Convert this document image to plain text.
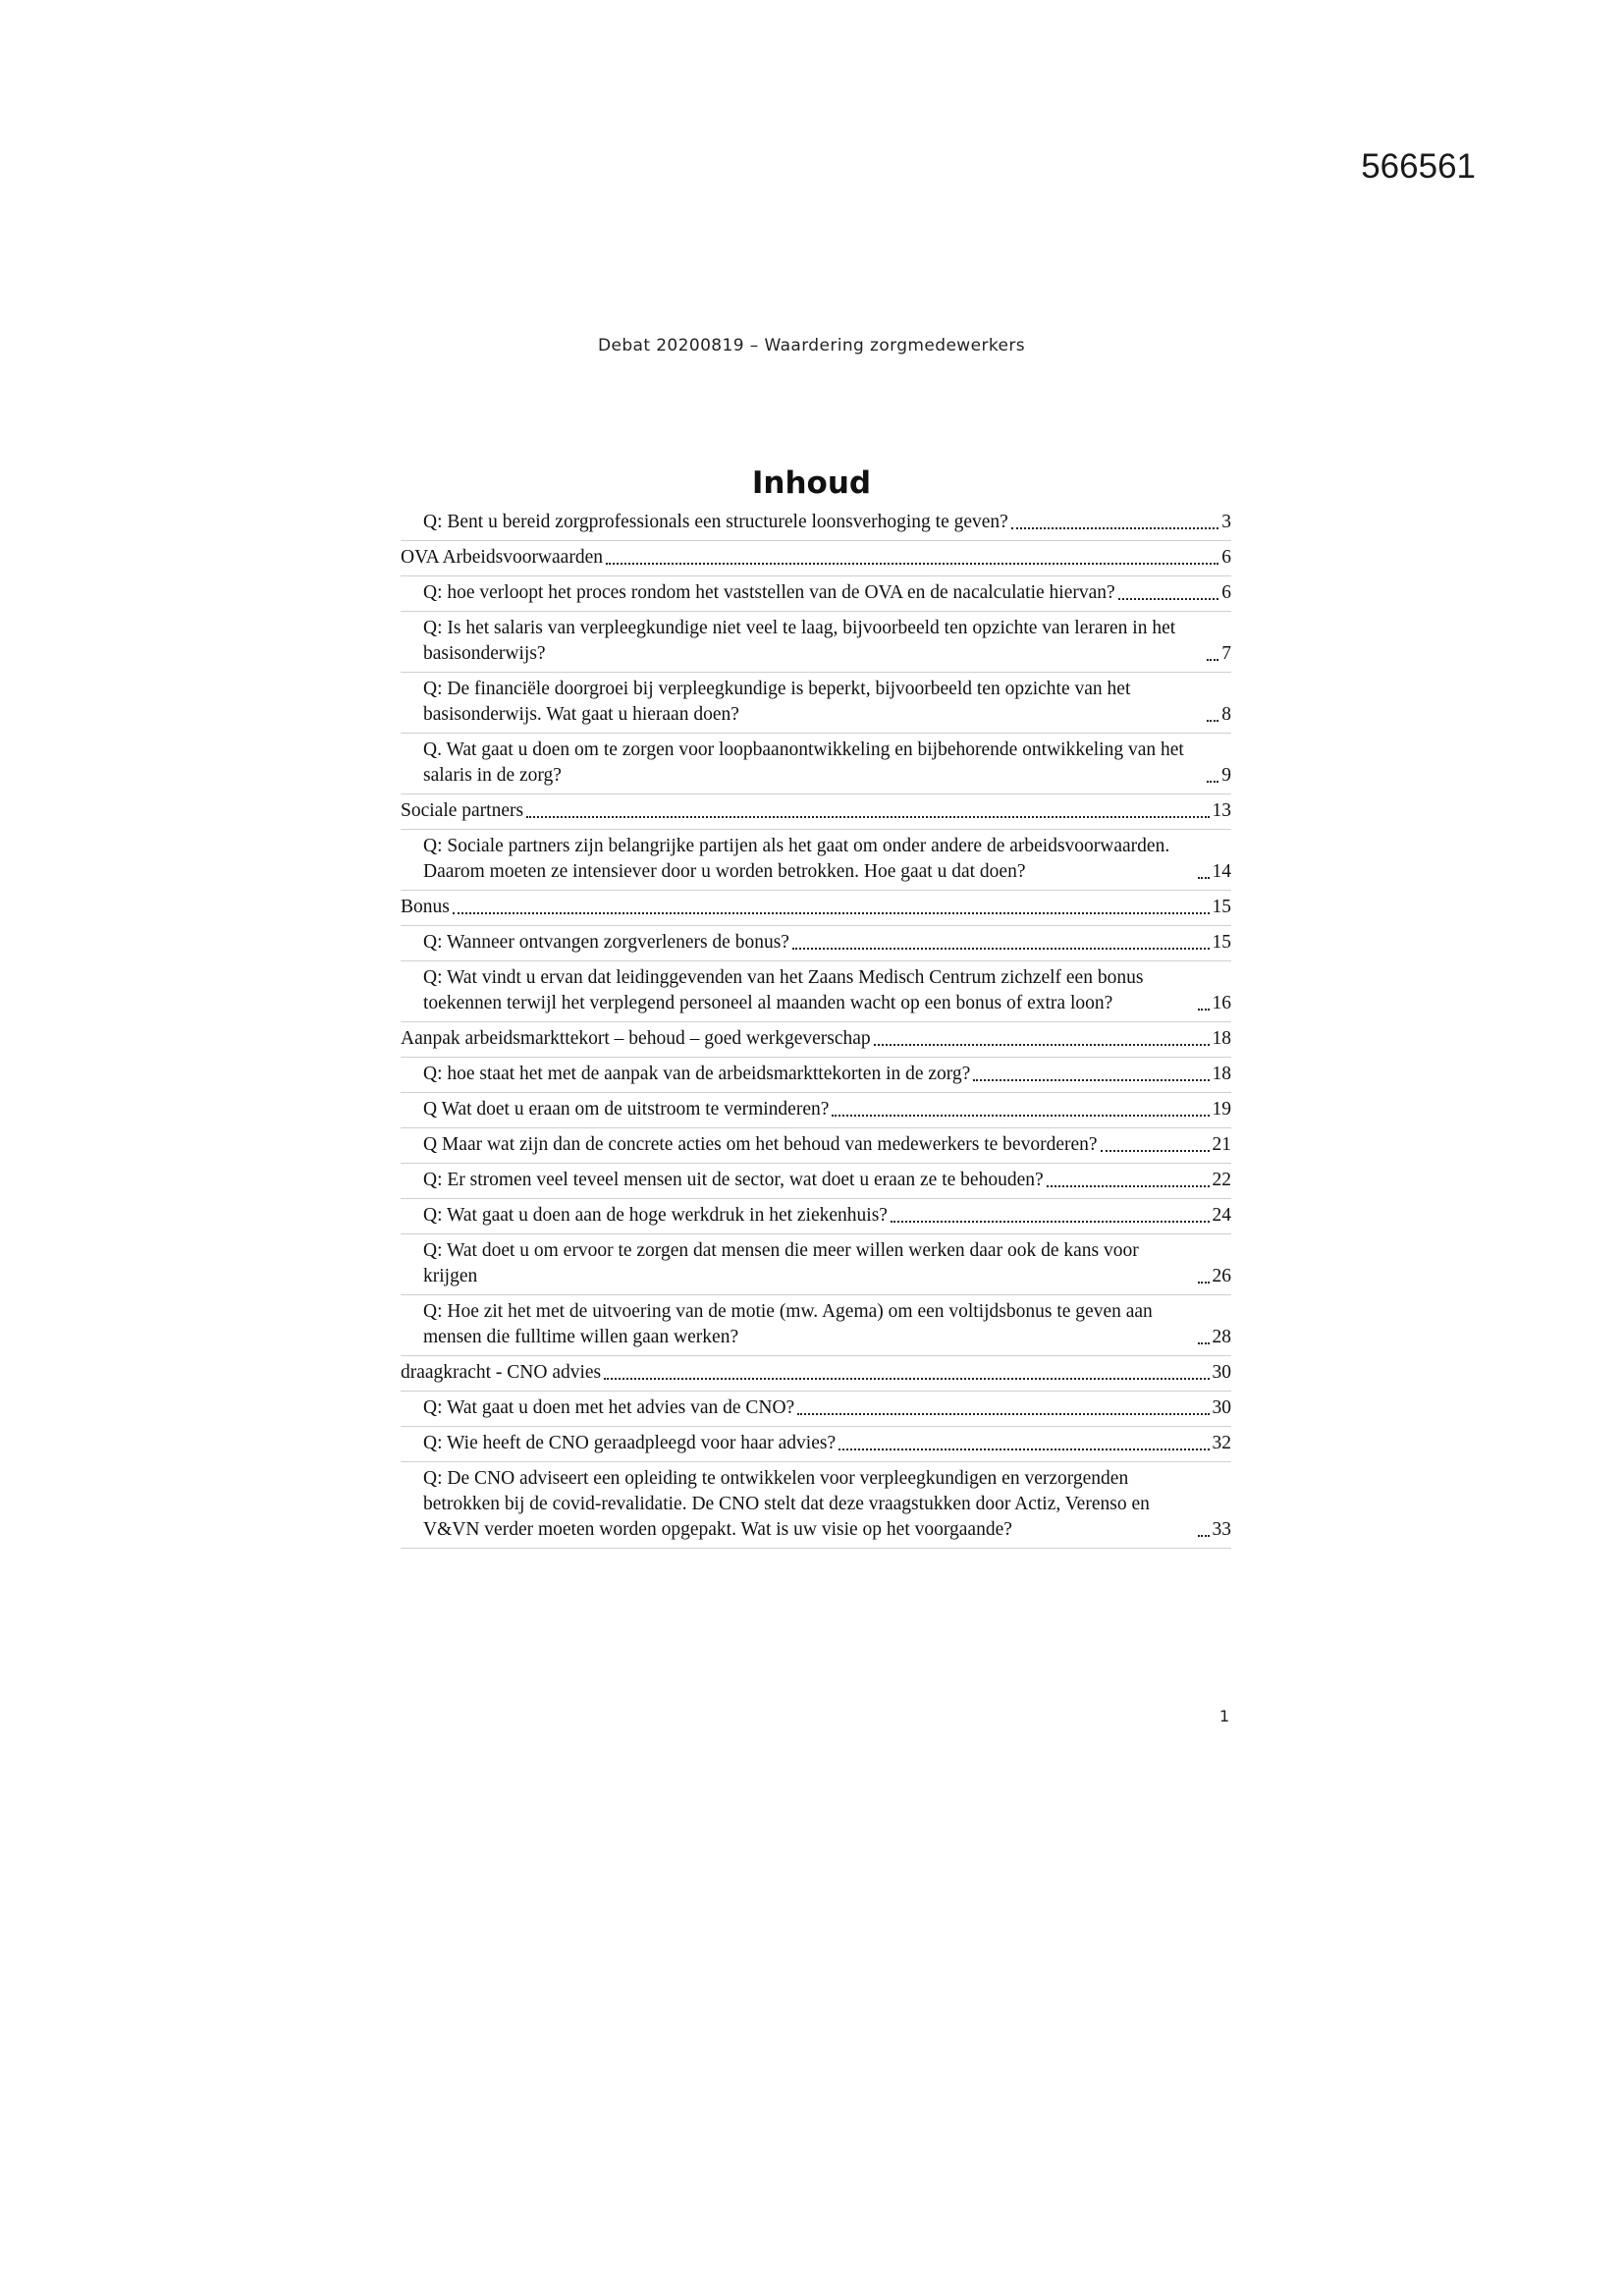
566561
Debat 20200819 – Waardering zorgmedewerkers
Inhoud
Q: Bent u bereid zorgprofessionals een structurele loonsverhoging te geven?	3
OVA Arbeidsvoorwaarden	6
Q: hoe verloopt het proces rondom het vaststellen van de OVA en de nacalculatie hiervan?	6
Q: Is het salaris van verpleegkundige niet veel te laag, bijvoorbeeld ten opzichte van leraren in het basisonderwijs?	7
Q: De financiële doorgroei bij verpleegkundige is beperkt, bijvoorbeeld ten opzichte van het basisonderwijs. Wat gaat u hieraan doen?	8
Q. Wat gaat u doen om te zorgen voor loopbaanontwikkeling en bijbehorende ontwikkeling van het salaris in de zorg?	9
Sociale partners	13
Q: Sociale partners zijn belangrijke partijen als het gaat om onder andere de arbeidsvoorwaarden. Daarom moeten ze intensiever door u worden betrokken. Hoe gaat u dat doen?	14
Bonus	15
Q: Wanneer ontvangen zorgverleners de bonus?	15
Q: Wat vindt u ervan dat leidinggevenden van het Zaans Medisch Centrum zichzelf een bonus toekennen terwijl het verplegend personeel al maanden wacht op een bonus of extra loon?	16
Aanpak arbeidsmarkttekort – behoud – goed werkgeverschap	18
Q: hoe staat het met de aanpak van de arbeidsmarkttekorten in de zorg?	18
Q Wat doet u eraan om de uitstroom te verminderen?	19
Q Maar wat zijn dan de concrete acties om het behoud van medewerkers te bevorderen?	21
Q: Er stromen veel teveel mensen uit de sector, wat doet u eraan ze te behouden?	22
Q: Wat gaat u doen aan de hoge werkdruk in het ziekenhuis?	24
Q: Wat doet u om ervoor te zorgen dat mensen die meer willen werken daar ook de kans voor krijgen	26
Q: Hoe zit het met de uitvoering van de motie (mw. Agema) om een voltijdsbonus te geven aan mensen die fulltime willen gaan werken?	28
draagkracht - CNO advies	30
Q: Wat gaat u doen met het advies van de CNO?	30
Q: Wie heeft de CNO geraadpleegd voor haar advies?	32
Q: De CNO adviseert een opleiding te ontwikkelen voor verpleegkundigen en verzorgenden betrokken bij de covid-revalidatie. De CNO stelt dat deze vraagstukken door Actiz, Verenso en V&VN verder moeten worden opgepakt. Wat is uw visie op het voorgaande?	33
1
